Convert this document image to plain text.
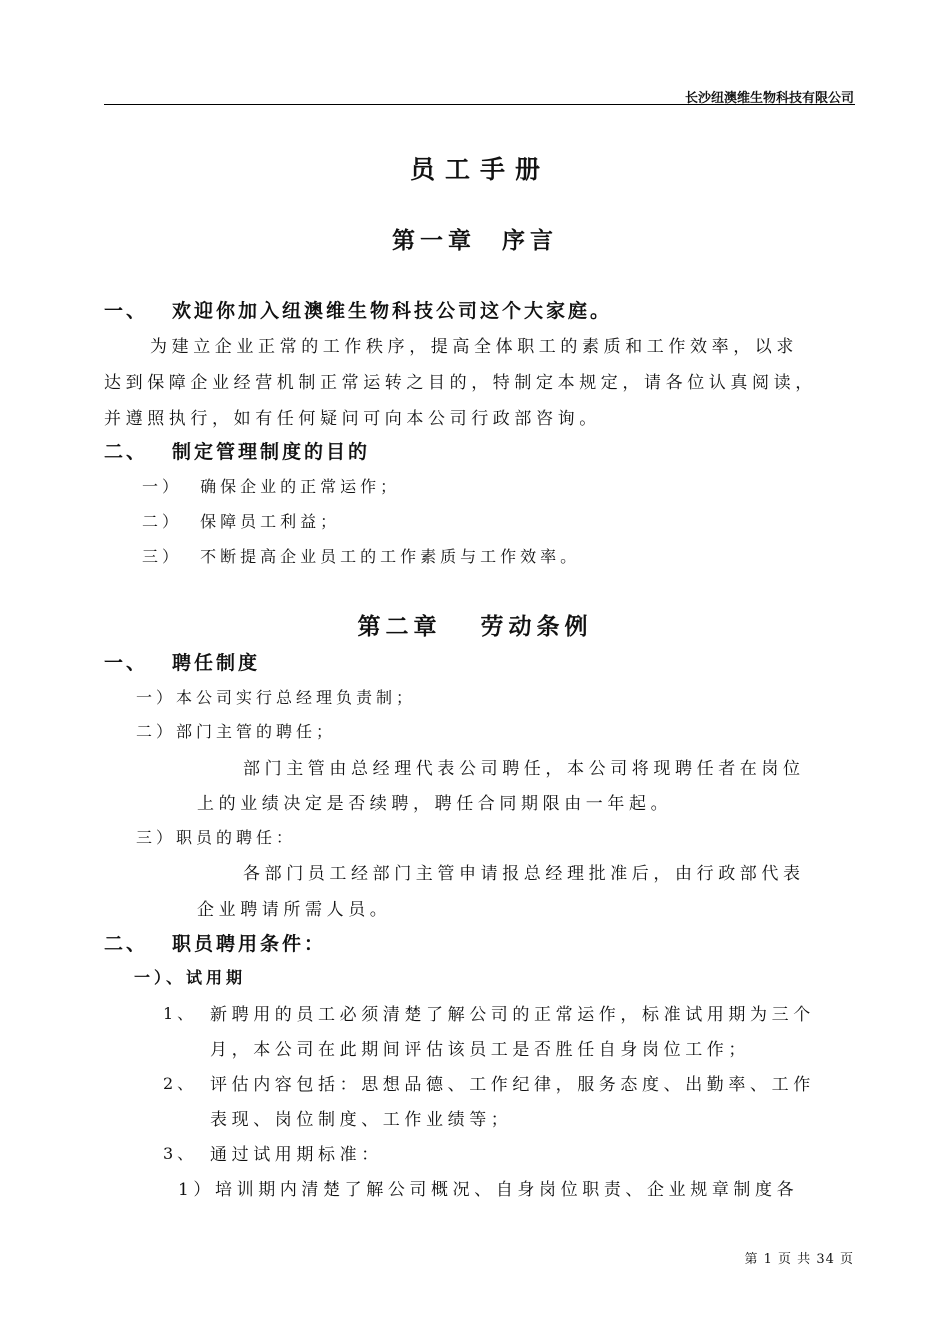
长沙纽澳维生物科技有限公司
员工手册
第一章  序言
一、 欢迎你加入纽澳维生物科技公司这个大家庭。
为建立企业正常的工作秩序，提高全体职工的素质和工作效率，以求
达到保障企业经营机制正常运转之目的，特制定本规定，请各位认真阅读，
并遵照执行，如有任何疑问可向本公司行政部咨询。
二、 制定管理制度的目的
一）  确保企业的正常运作；
二）  保障员工利益；
三）  不断提高企业员工的工作素质与工作效率。
第二章   劳动条例
一、 聘任制度
一）本公司实行总经理负责制；
二）部门主管的聘任；
部门主管由总经理代表公司聘任，本公司将现聘任者在岗位
上的业绩决定是否续聘，聘任合同期限由一年起。
三）职员的聘任：
各部门员工经部门主管申请报总经理批准后，由行政部代表
企业聘请所需人员。
二、 职员聘用条件：
一）、试用期
1、 新聘用的员工必须清楚了解公司的正常运作，标准试用期为三个
月，本公司在此期间评估该员工是否胜任自身岗位工作；
2、 评估内容包括：思想品德、工作纪律，服务态度、出勤率、工作
表现、岗位制度、工作业绩等；
3、 通过试用期标准：
1）培训期内清楚了解公司概况、自身岗位职责、企业规章制度各
第 1 页 共 34 页
